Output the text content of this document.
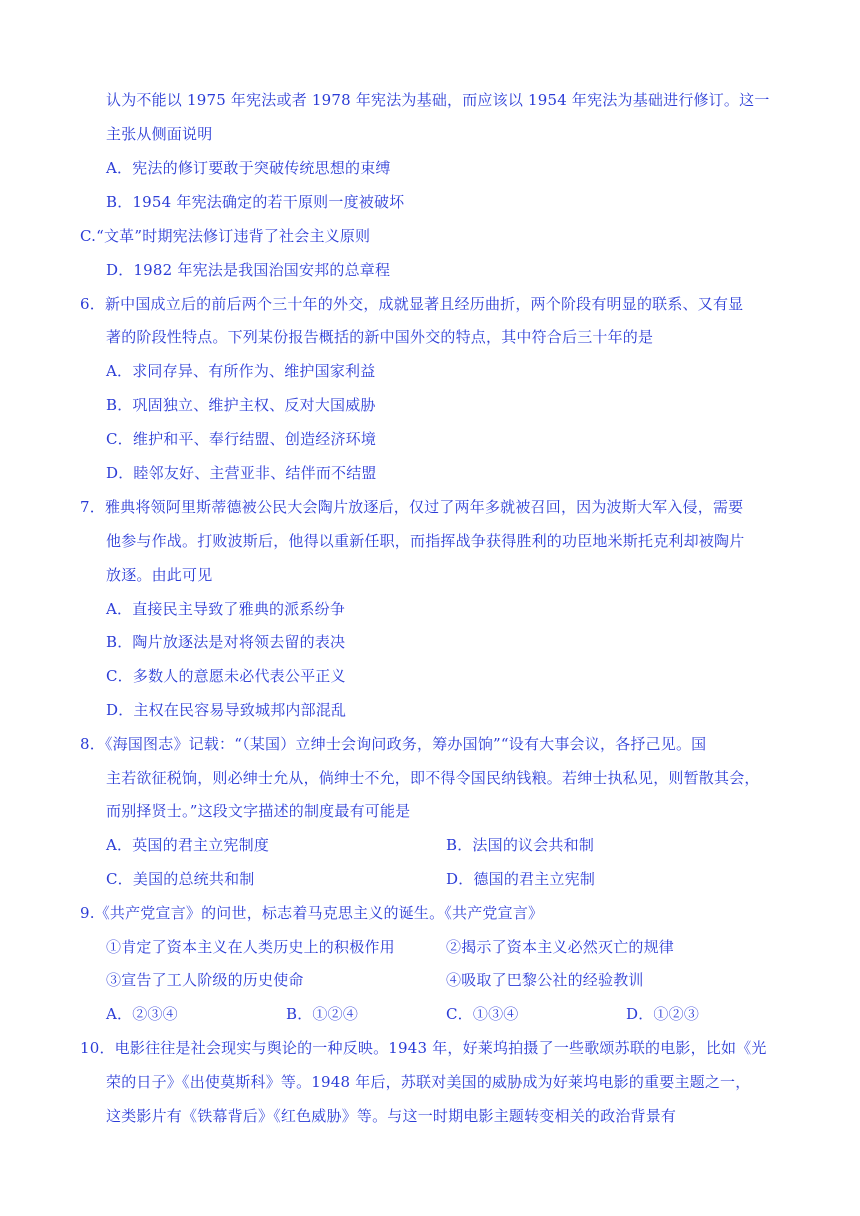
认为不能以 1975 年宪法或者 1978 年宪法为基础，而应该以 1954 年宪法为基础进行修订。这一
主张从侧面说明
A．宪法的修订要敢于突破传统思想的束缚
B．1954 年宪法确定的若干原则一度被破坏
C.“文革”时期宪法修订违背了社会主义原则
D．1982 年宪法是我国治国安邦的总章程
6．新中国成立后的前后两个三十年的外交，成就显著且经历曲折，两个阶段有明显的联系、又有显
著的阶段性特点。下列某份报告概括的新中国外交的特点，其中符合后三十年的是
A．求同存异、有所作为、维护国家利益
B．巩固独立、维护主权、反对大国威胁
C．维护和平、奉行结盟、创造经济环境
D．睦邻友好、主营亚非、结伴而不结盟
7．雅典将领阿里斯蒂德被公民大会陶片放逐后，仅过了两年多就被召回，因为波斯大军入侵，需要
他参与作战。打败波斯后，他得以重新任职，而指挥战争获得胜利的功臣地米斯托克利却被陶片
放逐。由此可见
A．直接民主导致了雅典的派系纷争
B．陶片放逐法是对将领去留的表决
C．多数人的意愿未必代表公平正义
D．主权在民容易导致城邦内部混乱
8．《海国图志》记载：“（某国）立绅士会询问政务，筹办国饷”“设有大事会议，各抒己见。国
主若欲征税饷，则必绅士允从，倘绅士不允，即不得令国民纳钱粮。若绅士执私见，则暂散其会，
而别择贤士。”这段文字描述的制度最有可能是
A．英国的君主立宪制度	B．法国的议会共和制
C．美国的总统共和制	D．德国的君主立宪制
9.《共产党宣言》的问世，标志着马克思主义的诞生。《共产党宣言》
①肯定了资本主义在人类历史上的积极作用	②揭示了资本主义必然灭亡的规律
③宣告了工人阶级的历史使命	④吸取了巴黎公社的经验教训
A．②③④	B．①②④	C．①③④	D．①②③
10．电影往往是社会现实与舆论的一种反映。1943 年，好莱坞拍摄了一些歌颂苏联的电影，比如《光
荣的日子》《出使莫斯科》等。1948 年后，苏联对美国的威胁成为好莱坞电影的重要主题之一，
这类影片有《铁幕背后》《红色威胁》等。与这一时期电影主题转变相关的政治背景有
